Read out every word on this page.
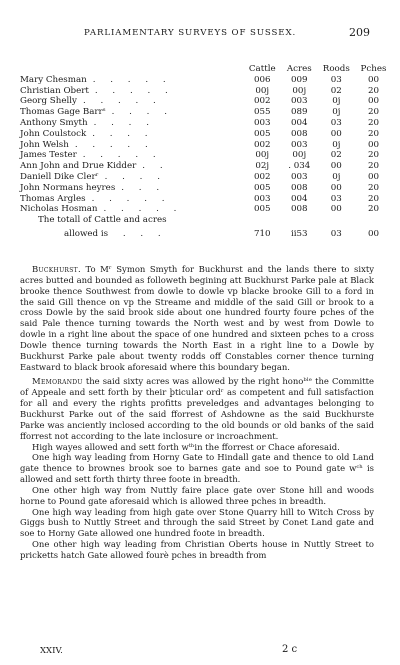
PARLIAMENTARY SURVEYS OF SUSSEX.	209
	Cattle	Acres	Roods	Pches
Mary Chesman . . . . .	006	009	03	00
Christian Obert . . . . .	00j	00j	02	20
Georg Shelly . . . . .	002	003	0j	00
Thomas Gage Barrˢ . . . .	055	089	0j	20
Anthony Smyth . . . .	003	004	03	20
John Coulstock . . . .	005	008	00	20
John Welsh . . . . .	002	003	0j	00
James Tester . . . . .	00j	00j	02	20
Ann John and Drue Kidder . .	02j	. 034	00	20
Daniell Dike Clerʳ . . . .	002	003	0j	00
John Normans heyres . . .	005	008	00	20
Thomas Argles . . . . .	003	004	03	20
Nicholas Hosman . . . . .	005	008	00	20
The totall of Cattle and acres				
allowed is . . .	710	ii53	03	00

Buckhurst. To Mʳ Symon Smyth for Buckhurst and the lands there to sixty acres butted and bounded as followeth begining att Buckhurst Parke pale at Black brooke thence Southwest from dowle to dowle vp blacke brooke Gill to a ford in the said Gill thence on vp the Streame and middle of the said Gill or brook to a cross Dowle by the said brook side about one hundred fourty foure pches of the said Pale thence turning towards the North west and by west from Dowle to dowle in a right line about the space of one hundred and sixteen pches to a cross Dowle thence turning towards the North East in a right line to a Dowle by Buckhurst Parke pale about twenty rodds off Constables corner thence turning Eastward to black brook aforesaid where this boundary began.

Memorandu the said sixty acres was allowed by the right honoᵇˡᵉ the Committe of Appeale and sett forth by their þticular ordʳ as competent and full satisfaction for all and every the rights profitts preveledges and advantages belonging to Buckhurst Parke out of the said fforrest of Ashdowne as the said Buckhurste Parke was anciently inclosed according to the old bounds or old banks of the said fforrest not according to the late inclosure or incroachment.

High wayes allowed and sett forth wᵗʰin the fforrest or Chace aforesaid.

One high way leading from Horny Gate to Hindall gate and thence to old Land gate thence to brownes brook soe to barnes gate and soe to Pound gate wᶜʰ is allowed and sett forth thirty three foote in breadth.

One other high way from Nuttly faire place gate over Stone hill and woods horne to Pound gate aforesaid which is allowed three pches in breadth.

One high way leading from high gate over Stone Quarry hill to Witch Cross by Giggs bush to Nuttly Street and through the said Street by Conet Land gate and soe to Horny Gate allowed one hundred foote in breadth.

One other high way leading from Christian Oberts house in Nuttly Street to pricketts hatch Gate allowed fourè pches in breadth from

XXIV.	2 c
